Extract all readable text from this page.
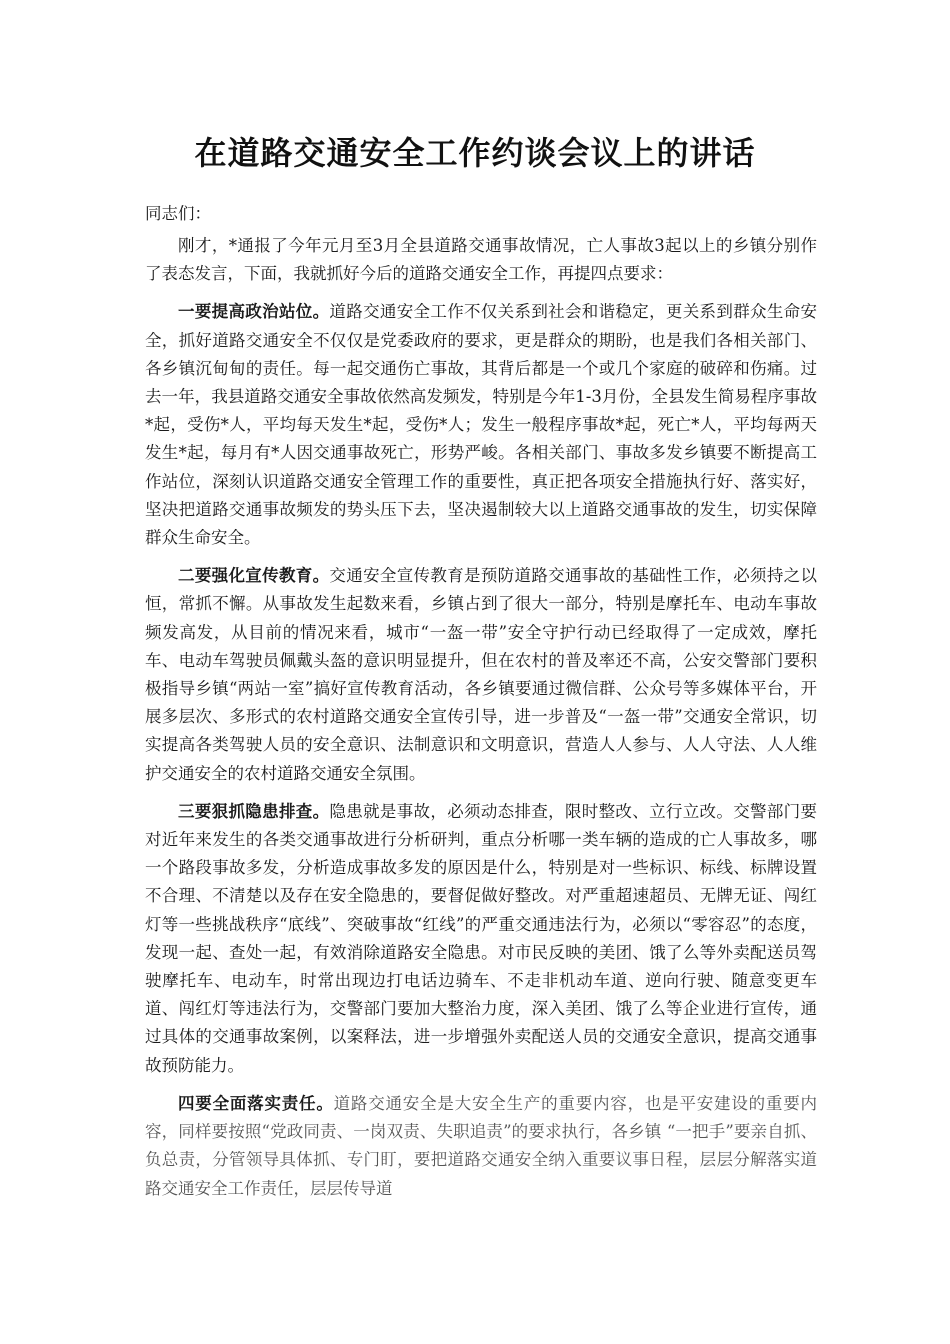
在道路交通安全工作约谈会议上的讲话

同志们：

刚才，*通报了今年元月至3月全县道路交通事故情况，亡人事故3起以上的乡镇分别作了表态发言，下面，我就抓好今后的道路交通安全工作，再提四点要求：

一要提高政治站位。道路交通安全工作不仅关系到社会和谐稳定，更关系到群众生命安全，抓好道路交通安全不仅仅是党委政府的要求，更是群众的期盼，也是我们各相关部门、各乡镇沉甸甸的责任。每一起交通伤亡事故，其背后都是一个或几个家庭的破碎和伤痛。过去一年，我县道路交通安全事故依然高发频发，特别是今年1-3月份，全县发生简易程序事故*起，受伤*人，平均每天发生*起，受伤*人；发生一般程序事故*起，死亡*人，平均每两天发生*起，每月有*人因交通事故死亡，形势严峻。各相关部门、事故多发乡镇要不断提高工作站位，深刻认识道路交通安全管理工作的重要性，真正把各项安全措施执行好、落实好，坚决把道路交通事故频发的势头压下去，坚决遏制较大以上道路交通事故的发生，切实保障群众生命安全。

二要强化宣传教育。交通安全宣传教育是预防道路交通事故的基础性工作，必须持之以恒，常抓不懈。从事故发生起数来看，乡镇占到了很大一部分，特别是摩托车、电动车事故频发高发，从目前的情况来看，城市“一盔一带”安全守护行动已经取得了一定成效，摩托车、电动车驾驶员佩戴头盔的意识明显提升，但在农村的普及率还不高，公安交警部门要积极指导乡镇“两站一室”搞好宣传教育活动，各乡镇要通过微信群、公众号等多媒体平台，开展多层次、多形式的农村道路交通安全宣传引导，进一步普及“一盔一带”交通安全常识，切实提高各类驾驶人员的安全意识、法制意识和文明意识，营造人人参与、人人守法、人人维护交通安全的农村道路交通安全氛围。

三要狠抓隐患排查。隐患就是事故，必须动态排查，限时整改、立行立改。交警部门要对近年来发生的各类交通事故进行分析研判，重点分析哪一类车辆的造成的亡人事故多，哪一个路段事故多发，分析造成事故多发的原因是什么，特别是对一些标识、标线、标牌设置不合理、不清楚以及存在安全隐患的，要督促做好整改。对严重超速超员、无牌无证、闯红灯等一些挑战秩序“底线”、突破事故“红线”的严重交通违法行为，必须以“零容忍”的态度，发现一起、查处一起，有效消除道路安全隐患。对市民反映的美团、饿了么等外卖配送员驾驶摩托车、电动车，时常出现边打电话边骑车、不走非机动车道、逆向行驶、随意变更车道、闯红灯等违法行为，交警部门要加大整治力度，深入美团、饿了么等企业进行宣传，通过具体的交通事故案例，以案释法，进一步增强外卖配送人员的交通安全意识，提高交通事故预防能力。

四要全面落实责任。道路交通安全是大安全生产的重要内容，也是平安建设的重要内容，同样要按照“党政同责、一岗双责、失职追责”的要求执行，各乡镇 “一把手”要亲自抓、负总责，分管领导具体抓、专门盯，要把道路交通安全纳入重要议事日程，层层分解落实道路交通安全工作责任，层层传导道
